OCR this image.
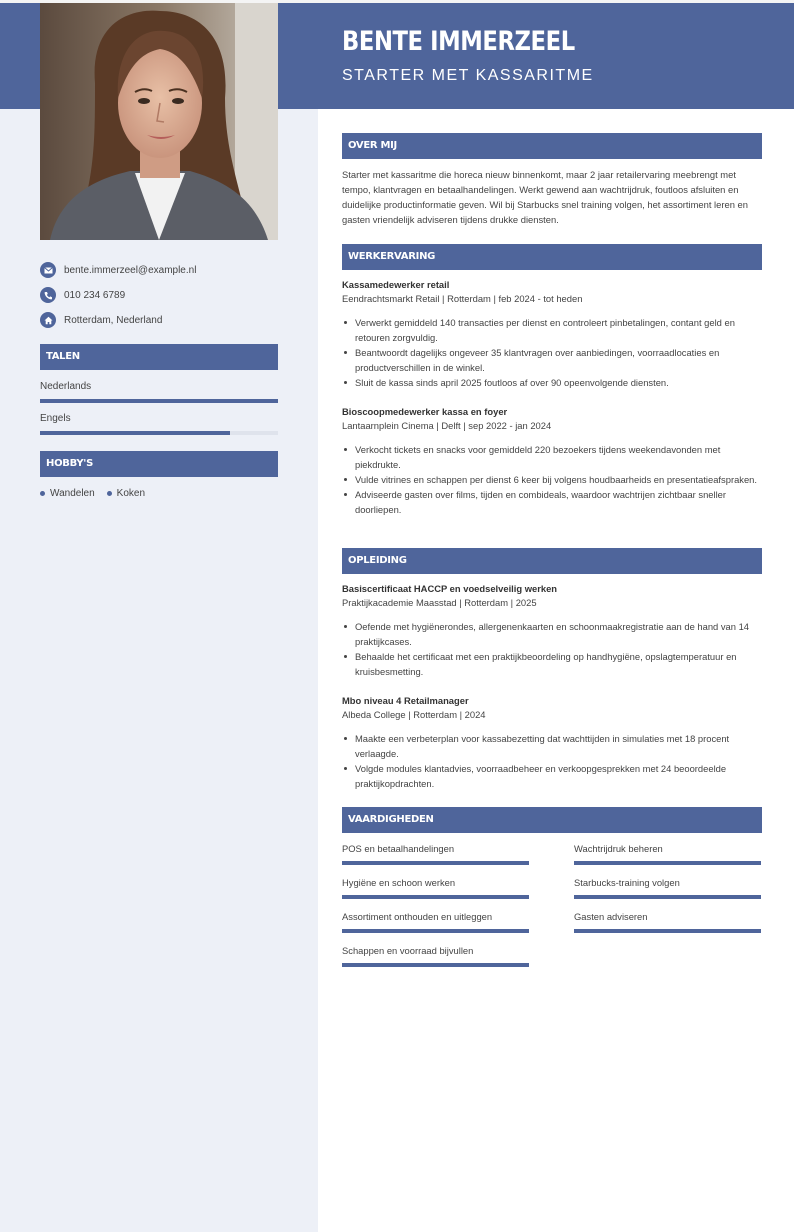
BENTE IMMERZEEL
STARTER MET KASSARITME
bente.immerzeel@example.nl
010 234 6789
Rotterdam, Nederland
TALEN
Nederlands
Engels
HOBBY'S
Wandelen Koken
OVER MIJ
Starter met kassaritme die horeca nieuw binnenkomt, maar 2 jaar retailervaring meebrengt met tempo, klantvragen en betaalhandelingen. Werkt gewend aan wachtrijdruk, foutloos afsluiten en duidelijke productinformatie geven. Wil bij Starbucks snel training volgen, het assortiment leren en gasten vriendelijk adviseren tijdens drukke diensten.
WERKERVARING
Kassamedewerker retail
Eendrachtsmarkt Retail | Rotterdam | feb 2024 - tot heden
Verwerkt gemiddeld 140 transacties per dienst en controleert pinbetalingen, contant geld en retouren zorgvuldig.
Beantwoordt dagelijks ongeveer 35 klantvragen over aanbiedingen, voorraadlocaties en productverschillen in de winkel.
Sluit de kassa sinds april 2025 foutloos af over 90 opeenvolgende diensten.
Bioscoopmedewerker kassa en foyer
Lantaarnplein Cinema | Delft | sep 2022 - jan 2024
Verkocht tickets en snacks voor gemiddeld 220 bezoekers tijdens weekendavonden met piekdrukte.
Vulde vitrines en schappen per dienst 6 keer bij volgens houdbaarheids en presentatieafspraken.
Adviseerde gasten over films, tijden en combideals, waardoor wachtrijen zichtbaar sneller doorliepen.
OPLEIDING
Basiscertificaat HACCP en voedselveilig werken
Praktijkacademie Maasstad | Rotterdam | 2025
Oefende met hygiënerondes, allergenenkaarten en schoonmaakregistratie aan de hand van 14 praktijkcases.
Behaalde het certificaat met een praktijkbeoordeling op handhygiëne, opslagtemperatuur en kruisbesmetting.
Mbo niveau 4 Retailmanager
Albeda College | Rotterdam | 2024
Maakte een verbeterplan voor kassabezetting dat wachttijden in simulaties met 18 procent verlaagde.
Volgde modules klantadvies, voorraadbeheer en verkoopgesprekken met 24 beoordeelde praktijkopdrachten.
VAARDIGHEDEN
POS en betaalhandelingen	Wachtrijdruk beheren
Hygiëne en schoon werken	Starbucks-training volgen
Assortiment onthouden en uitleggen	Gasten adviseren
Schappen en voorraad bijvullen
